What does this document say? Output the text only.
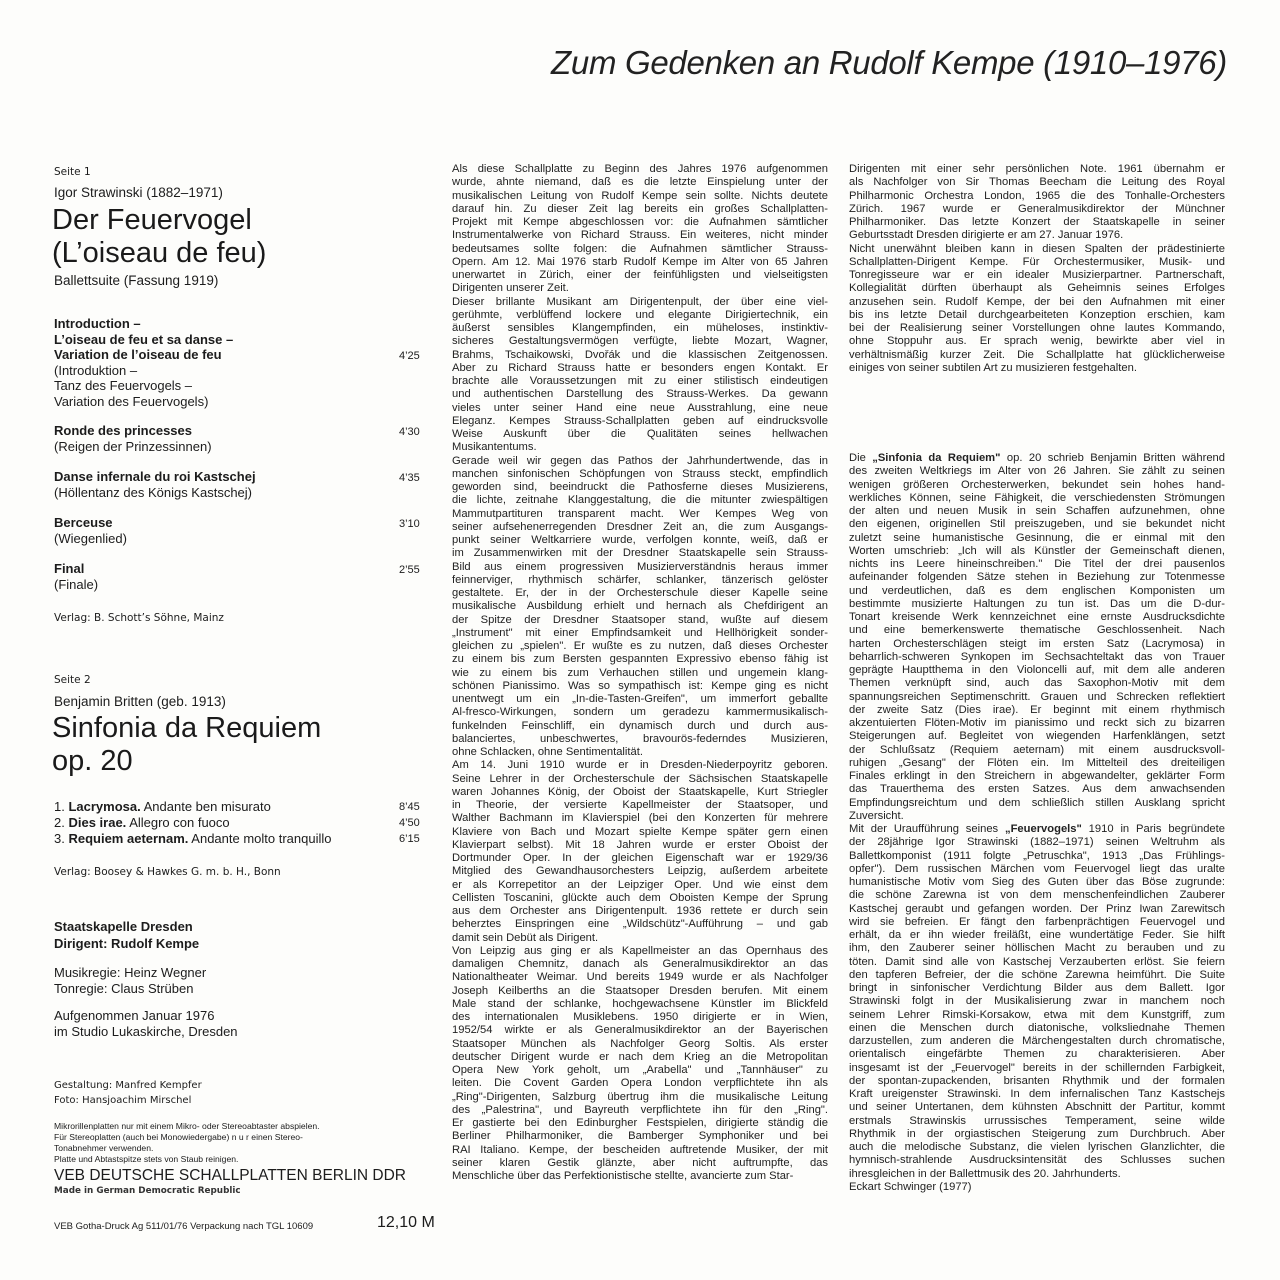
Zum Gedenken an Rudolf Kempe (1910–1976)
Seite 1
Igor Strawinski (1882–1971)
Der Feuervogel
(L’oiseau de feu)
Ballettsuite (Fassung 1919)
Introduction –
L’oiseau de feu et sa danse –
Variation de l’oiseau de feu
(Introduktion –
Tanz des Feuervogels –
Variation des Feuervogels)
4’25
Ronde des princesses
(Reigen der Prinzessinnen)
4’30
Danse infernale du roi Kastschej
(Höllentanz des Königs Kastschej)
4’35
Berceuse
(Wiegenlied)
3’10
Final
(Finale)
2’55
Verlag: B. Schott’s Söhne, Mainz
Seite 2
Benjamin Britten (geb. 1913)
Sinfonia da Requiem
op. 20
1. Lacrymosa. Andante ben misurato	8’45
2. Dies irae. Allegro con fuoco	4’50
3. Requiem aeternam. Andante molto tranquillo	6’15
Verlag: Boosey & Hawkes G. m. b. H., Bonn
Staatskapelle Dresden
Dirigent: Rudolf Kempe
Musikregie: Heinz Wegner
Tonregie: Claus Strüben
Aufgenommen Januar 1976
im Studio Lukaskirche, Dresden
Gestaltung: Manfred Kempfer
Foto: Hansjoachim Mirschel
Mikrorillenplatten nur mit einem Mikro- oder Stereoabtaster abspielen.
Für Stereoplatten (auch bei Monowiedergabe) n u r einen Stereo-
Tonabnehmer verwenden.
Platte und Abtastspitze stets von Staub reinigen.
VEB DEUTSCHE SCHALLPLATTEN BERLIN DDR
Made in German Democratic Republic
VEB Gotha-Druck Ag 511/01/76 Verpackung nach TGL 10609	12,10 M
Als diese Schallplatte zu Beginn des Jahres 1976 aufgenommen
wurde, ahnte niemand, daß es die letzte Einspielung unter der
musikalischen Leitung von Rudolf Kempe sein sollte. Nichts deutete
darauf hin. Zu dieser Zeit lag bereits ein großes Schallplatten-
Projekt mit Kempe abgeschlossen vor: die Aufnahmen sämtlicher
Instrumentalwerke von Richard Strauss. Ein weiteres, nicht minder
bedeutsames sollte folgen: die Aufnahmen sämtlicher Strauss-
Opern. Am 12. Mai 1976 starb Rudolf Kempe im Alter von 65 Jahren
unerwartet in Zürich, einer der feinfühligsten und vielseitigsten
Dirigenten unserer Zeit.
Dieser brillante Musikant am Dirigentenpult, der über eine viel-
gerühmte, verblüffend lockere und elegante Dirigiertechnik, ein
äußerst sensibles Klangempfinden, ein müheloses, instinktiv-
sicheres Gestaltungsvermögen verfügte, liebte Mozart, Wagner,
Brahms, Tschaikowski, Dvořák und die klassischen Zeitgenossen.
Aber zu Richard Strauss hatte er besonders engen Kontakt. Er
brachte alle Voraussetzungen mit zu einer stilistisch eindeutigen
und authentischen Darstellung des Strauss-Werkes. Da gewann
vieles unter seiner Hand eine neue Ausstrahlung, eine neue
Eleganz. Kempes Strauss-Schallplatten geben auf eindrucksvolle
Weise Auskunft über die Qualitäten seines hellwachen
Musikantentums.
Gerade weil wir gegen das Pathos der Jahrhundertwende, das in
manchen sinfonischen Schöpfungen von Strauss steckt, empfindlich
geworden sind, beeindruckt die Pathosferne dieses Musizierens,
die lichte, zeitnahe Klanggestaltung, die die mitunter zwiespältigen
Mammutpartituren transparent macht. Wer Kempes Weg von
seiner aufsehenerregenden Dresdner Zeit an, die zum Ausgangs-
punkt seiner Weltkarriere wurde, verfolgen konnte, weiß, daß er
im Zusammenwirken mit der Dresdner Staatskapelle sein Strauss-
Bild aus einem progressiven Musizierverständnis heraus immer
feinnerviger, rhythmisch schärfer, schlanker, tänzerisch gelöster
gestaltete. Er, der in der Orchesterschule dieser Kapelle seine
musikalische Ausbildung erhielt und hernach als Chefdirigent an
der Spitze der Dresdner Staatsoper stand, wußte auf diesem
„Instrument" mit einer Empfindsamkeit und Hellhörigkeit sonder-
gleichen zu „spielen". Er wußte es zu nutzen, daß dieses Orchester
zu einem bis zum Bersten gespannten Expressivo ebenso fähig ist
wie zu einem bis zum Verhauchen stillen und ungemein klang-
schönen Pianissimo. Was so sympathisch ist: Kempe ging es nicht
unentwegt um ein „In-die-Tasten-Greifen", um immerfort geballte
Al-fresco-Wirkungen, sondern um geradezu kammermusikalisch-
funkelnden Feinschliff, ein dynamisch durch und durch aus-
balanciertes, unbeschwertes, bravourös-federndes Musizieren,
ohne Schlacken, ohne Sentimentalität.
Am 14. Juni 1910 wurde er in Dresden-Niederpoyritz geboren.
Seine Lehrer in der Orchesterschule der Sächsischen Staatskapelle
waren Johannes König, der Oboist der Staatskapelle, Kurt Striegler
in Theorie, der versierte Kapellmeister der Staatsoper, und
Walther Bachmann im Klavierspiel (bei den Konzerten für mehrere
Klaviere von Bach und Mozart spielte Kempe später gern einen
Klavierpart selbst). Mit 18 Jahren wurde er erster Oboist der
Dortmunder Oper. In der gleichen Eigenschaft war er 1929/36
Mitglied des Gewandhausorchesters Leipzig, außerdem arbeitete
er als Korrepetitor an der Leipziger Oper. Und wie einst dem
Cellisten Toscanini, glückte auch dem Oboisten Kempe der Sprung
aus dem Orchester ans Dirigentenpult. 1936 rettete er durch sein
beherztes Einspringen eine „Wildschütz"-Aufführung – und gab
damit sein Debüt als Dirigent.
Von Leipzig aus ging er als Kapellmeister an das Opernhaus des
damaligen Chemnitz, danach als Generalmusikdirektor an das
Nationaltheater Weimar. Und bereits 1949 wurde er als Nachfolger
Joseph Keilberths an die Staatsoper Dresden berufen. Mit einem
Male stand der schlanke, hochgewachsene Künstler im Blickfeld
des internationalen Musiklebens. 1950 dirigierte er in Wien,
1952/54 wirkte er als Generalmusikdirektor an der Bayerischen
Staatsoper München als Nachfolger Georg Soltis. Als erster
deutscher Dirigent wurde er nach dem Krieg an die Metropolitan
Opera New York geholt, um „Arabella" und „Tannhäuser" zu
leiten. Die Covent Garden Opera London verpflichtete ihn als
„Ring"-Dirigenten, Salzburg übertrug ihm die musikalische Leitung
des „Palestrina", und Bayreuth verpflichtete ihn für den „Ring".
Er gastierte bei den Edinburgher Festspielen, dirigierte ständig die
Berliner Philharmoniker, die Bamberger Symphoniker und bei
RAI Italiano. Kempe, der bescheiden auftretende Musiker, der mit
seiner klaren Gestik glänzte, aber nicht auftrumpfte, das
Menschliche über das Perfektionistische stellte, avancierte zum Star-
Dirigenten mit einer sehr persönlichen Note. 1961 übernahm er
als Nachfolger von Sir Thomas Beecham die Leitung des Royal
Philharmonic Orchestra London, 1965 die des Tonhalle-Orchesters
Zürich. 1967 wurde er Generalmusikdirektor der Münchner
Philharmoniker. Das letzte Konzert der Staatskapelle in seiner
Geburtsstadt Dresden dirigierte er am 27. Januar 1976.
Nicht unerwähnt bleiben kann in diesen Spalten der prädestinierte
Schallplatten-Dirigent Kempe. Für Orchestermusiker, Musik- und
Tonregisseure war er ein idealer Musizierpartner. Partnerschaft,
Kollegialität dürften überhaupt als Geheimnis seines Erfolges
anzusehen sein. Rudolf Kempe, der bei den Aufnahmen mit einer
bis ins letzte Detail durchgearbeiteten Konzeption erschien, kam
bei der Realisierung seiner Vorstellungen ohne lautes Kommando,
ohne Stoppuhr aus. Er sprach wenig, bewirkte aber viel in
verhältnismäßig kurzer Zeit. Die Schallplatte hat glücklicherweise
einiges von seiner subtilen Art zu musizieren festgehalten.
Die „Sinfonia da Requiem" op. 20 schrieb Benjamin Britten während
des zweiten Weltkriegs im Alter von 26 Jahren. Sie zählt zu seinen
wenigen größeren Orchesterwerken, bekundet sein hohes hand-
werkliches Können, seine Fähigkeit, die verschiedensten Strömungen
der alten und neuen Musik in sein Schaffen aufzunehmen, ohne
den eigenen, originellen Stil preiszugeben, und sie bekundet nicht
zuletzt seine humanistische Gesinnung, die er einmal mit den
Worten umschrieb: „Ich will als Künstler der Gemeinschaft dienen,
nichts ins Leere hineinschreiben." Die Titel der drei pausenlos
aufeinander folgenden Sätze stehen in Beziehung zur Totenmesse
und verdeutlichen, daß es dem englischen Komponisten um
bestimmte musizierte Haltungen zu tun ist. Das um die D-dur-
Tonart kreisende Werk kennzeichnet eine ernste Ausdrucksdichte
und eine bemerkenswerte thematische Geschlossenheit. Nach
harten Orchesterschlägen steigt im ersten Satz (Lacrymosa) in
beharrlich-schweren Synkopen im Sechsachteltakt das von Trauer
geprägte Hauptthema in den Violoncelli auf, mit dem alle anderen
Themen verknüpft sind, auch das Saxophon-Motiv mit dem
spannungsreichen Septimenschritt. Grauen und Schrecken reflektiert
der zweite Satz (Dies irae). Er beginnt mit einem rhythmisch
akzentuierten Flöten-Motiv im pianissimo und reckt sich zu bizarren
Steigerungen auf. Begleitet von wiegenden Harfenklängen, setzt
der Schlußsatz (Requiem aeternam) mit einem ausdrucksvoll-
ruhigen „Gesang" der Flöten ein. Im Mittelteil des dreiteiligen
Finales erklingt in den Streichern in abgewandelter, geklärter Form
das Trauerthema des ersten Satzes. Aus dem anwachsenden
Empfindungsreichtum und dem schließlich stillen Ausklang spricht
Zuversicht.
Mit der Uraufführung seines „Feuervogels" 1910 in Paris begründete
der 28jährige Igor Strawinski (1882–1971) seinen Weltruhm als
Ballettkomponist (1911 folgte „Petruschka", 1913 „Das Frühlings-
opfer"). Dem russischen Märchen vom Feuervogel liegt das uralte
humanistische Motiv vom Sieg des Guten über das Böse zugrunde:
die schöne Zarewna ist von dem menschenfeindlichen Zauberer
Kastschej geraubt und gefangen worden. Der Prinz Iwan Zarewitsch
wird sie befreien. Er fängt den farbenprächtigen Feuervogel und
erhält, da er ihn wieder freiläßt, eine wundertätige Feder. Sie hilft
ihm, den Zauberer seiner höllischen Macht zu berauben und zu
töten. Damit sind alle von Kastschej Verzauberten erlöst. Sie feiern
den tapferen Befreier, der die schöne Zarewna heimführt. Die Suite
bringt in sinfonischer Verdichtung Bilder aus dem Ballett. Igor
Strawinski folgt in der Musikalisierung zwar in manchem noch
seinem Lehrer Rimski-Korsakow, etwa mit dem Kunstgriff, zum
einen die Menschen durch diatonische, volksliednahe Themen
darzustellen, zum anderen die Märchengestalten durch chromatische,
orientalisch eingefärbte Themen zu charakterisieren. Aber
insgesamt ist der „Feuervogel" bereits in der schillernden Farbigkeit,
der spontan-zupackenden, brisanten Rhythmik und der formalen
Kraft ureigenster Strawinski. In dem infernalischen Tanz Kastschejs
und seiner Untertanen, dem kühnsten Abschnitt der Partitur, kommt
erstmals Strawinskis urrussisches Temperament, seine wilde
Rhythmik in der orgiastischen Steigerung zum Durchbruch. Aber
auch die melodische Substanz, die vielen lyrischen Glanzlichter, die
hymnisch-strahlende Ausdrucksintensität des Schlusses suchen
ihresgleichen in der Ballettmusik des 20. Jahrhunderts.
Eckart Schwinger (1977)
